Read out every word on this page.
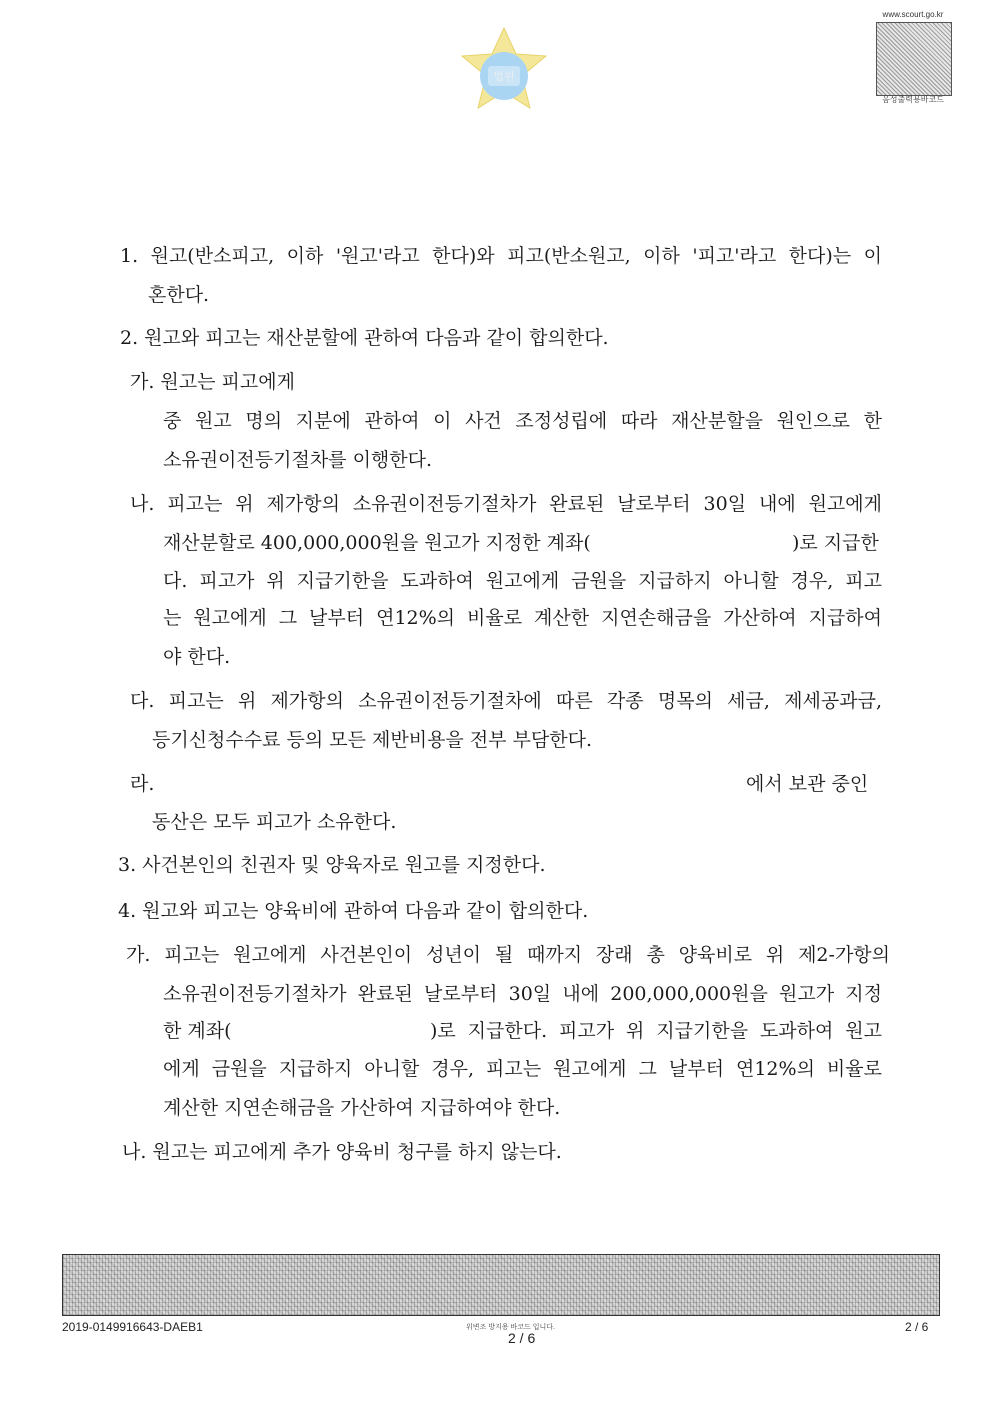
법원
www.scourt.go.kr
음성출력용바코드
1. 원고(반소피고, 이하 '원고'라고 한다)와 피고(반소원고, 이하 '피고'라고 한다)는 이
혼한다.
2. 원고와 피고는 재산분할에 관하여 다음과 같이 합의한다.
가. 원고는 피고에게
중 원고 명의 지분에 관하여 이 사건 조정성립에 따라 재산분할을 원인으로 한
소유권이전등기절차를 이행한다.
나. 피고는 위 제가항의 소유권이전등기절차가 완료된 날로부터 30일 내에 원고에게
재산분할로 400,000,000원을 원고가 지정한 계좌(	)로 지급한
다. 피고가 위 지급기한을 도과하여 원고에게 금원을 지급하지 아니할 경우, 피고
는 원고에게 그 날부터 연12%의 비율로 계산한 지연손해금을 가산하여 지급하여
야 한다.
다. 피고는 위 제가항의 소유권이전등기절차에 따른 각종 명목의 세금, 제세공과금,
등기신청수수료 등의 모든 제반비용을 전부 부담한다.
라.	에서 보관 중인
동산은 모두 피고가 소유한다.
3. 사건본인의 친권자 및 양육자로 원고를 지정한다.
4. 원고와 피고는 양육비에 관하여 다음과 같이 합의한다.
가. 피고는 원고에게 사건본인이 성년이 될 때까지 장래 총 양육비로 위 제2-가항의
소유권이전등기절차가 완료된 날로부터 30일 내에 200,000,000원을 원고가 지정
한 계좌(	)로 지급한다. 피고가 위 지급기한을 도과하여 원고
에게 금원을 지급하지 아니할 경우, 피고는 원고에게 그 날부터 연12%의 비율로
계산한 지연손해금을 가산하여 지급하여야 한다.
나. 원고는 피고에게 추가 양육비 청구를 하지 않는다.
2019-0149916643-DAEB1	위변조 방지용 바코드 입니다.
2 / 6
2 / 6
